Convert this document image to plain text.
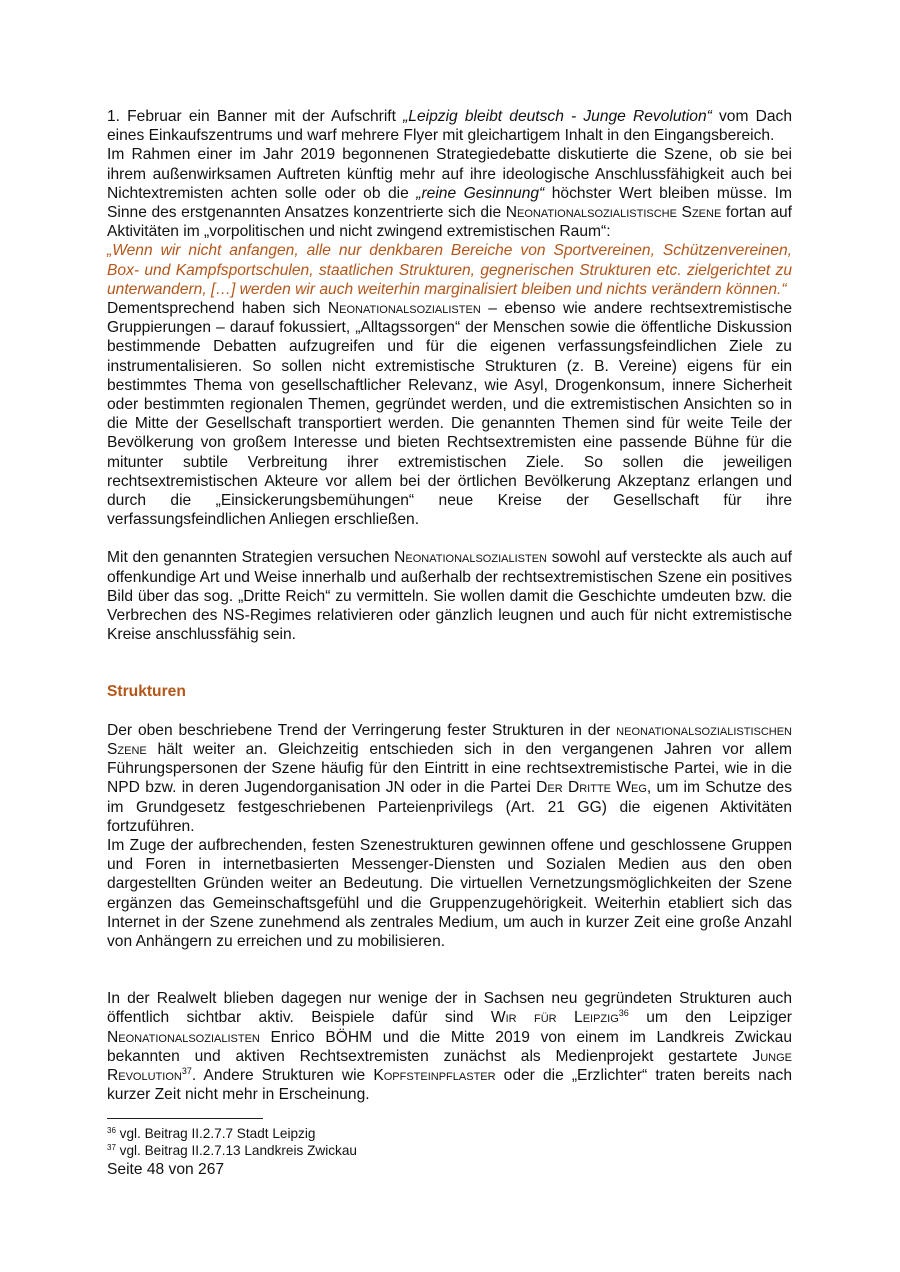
1. Februar ein Banner mit der Aufschrift „Leipzig bleibt deutsch - Junge Revolution“ vom Dach eines Einkaufszentrums und warf mehrere Flyer mit gleichartigem Inhalt in den Eingangsbereich.

Im Rahmen einer im Jahr 2019 begonnenen Strategiedebatte diskutierte die Szene, ob sie bei ihrem außenwirksamen Auftreten künftig mehr auf ihre ideologische Anschlussfähigkeit auch bei Nichtextremisten achten solle oder ob die „reine Gesinnung“ höchster Wert bleiben müsse. Im Sinne des erstgenannten Ansatzes konzentrierte sich die Neonationalsozialistische Szene fortan auf Aktivitäten im „vorpolitischen und nicht zwingend extremistischen Raum“:

„Wenn wir nicht anfangen, alle nur denkbaren Bereiche von Sportvereinen, Schützenvereinen, Box- und Kampfsportschulen, staatlichen Strukturen, gegnerischen Strukturen etc. zielgerichtet zu unterwandern, […] werden wir auch weiterhin marginalisiert bleiben und nichts verändern können.“

Dementsprechend haben sich Neonationalsozialisten – ebenso wie andere rechtsextremistische Gruppierungen – darauf fokussiert, „Alltagssorgen“ der Menschen sowie die öffentliche Diskussion bestimmende Debatten aufzugreifen und für die eigenen verfassungsfeindlichen Ziele zu instrumentalisieren. So sollen nicht extremistische Strukturen (z. B. Vereine) eigens für ein bestimmtes Thema von gesellschaftlicher Relevanz, wie Asyl, Drogenkonsum, innere Sicherheit oder bestimmten regionalen Themen, gegründet werden, und die extremistischen Ansichten so in die Mitte der Gesellschaft transportiert werden. Die genannten Themen sind für weite Teile der Bevölkerung von großem Interesse und bieten Rechtsextremisten eine passende Bühne für die mitunter subtile Verbreitung ihrer extremistischen Ziele. So sollen die jeweiligen rechtsextremistischen Akteure vor allem bei der örtlichen Bevölkerung Akzeptanz erlangen und durch die „Einsickerungsbemühungen“ neue Kreise der Gesellschaft für ihre verfassungsfeindlichen Anliegen erschließen.

Mit den genannten Strategien versuchen Neonationalsozialisten sowohl auf versteckte als auch auf offenkundige Art und Weise innerhalb und außerhalb der rechtsextremistischen Szene ein positives Bild über das sog. „Dritte Reich“ zu vermitteln. Sie wollen damit die Geschichte umdeuten bzw. die Verbrechen des NS-Regimes relativieren oder gänzlich leugnen und auch für nicht extremistische Kreise anschlussfähig sein.

Strukturen

Der oben beschriebene Trend der Verringerung fester Strukturen in der neonationalsozialistischen Szene hält weiter an. Gleichzeitig entschieden sich in den vergangenen Jahren vor allem Führungspersonen der Szene häufig für den Eintritt in eine rechtsextremistische Partei, wie in die NPD bzw. in deren Jugendorganisation JN oder in die Partei Der Dritte Weg, um im Schutze des im Grundgesetz festgeschriebenen Parteienprivilegs (Art. 21 GG) die eigenen Aktivitäten fortzuführen.

Im Zuge der aufbrechenden, festen Szenestrukturen gewinnen offene und geschlossene Gruppen und Foren in internetbasierten Messenger-Diensten und Sozialen Medien aus den oben dargestellten Gründen weiter an Bedeutung. Die virtuellen Vernetzungsmöglichkeiten der Szene ergänzen das Gemeinschaftsgefühl und die Gruppenzugehörigkeit. Weiterhin etabliert sich das Internet in der Szene zunehmend als zentrales Medium, um auch in kurzer Zeit eine große Anzahl von Anhängern zu erreichen und zu mobilisieren.

In der Realwelt blieben dagegen nur wenige der in Sachsen neu gegründeten Strukturen auch öffentlich sichtbar aktiv. Beispiele dafür sind Wir für Leipzig$^{36}$ um den Leipziger Neonationalsozialisten Enrico BÖHM und die Mitte 2019 von einem im Landkreis Zwickau bekannten und aktiven Rechtsextremisten zunächst als Medienprojekt gestartete Junge Revolution$^{37}$. Andere Strukturen wie Kopfsteinpflaster oder die „Erzlichter“ traten bereits nach kurzer Zeit nicht mehr in Erscheinung.

$^{36}$ vgl. Beitrag II.2.7.7 Stadt Leipzig

$^{37}$ vgl. Beitrag II.2.7.13 Landkreis Zwickau

Seite 48 von 267
